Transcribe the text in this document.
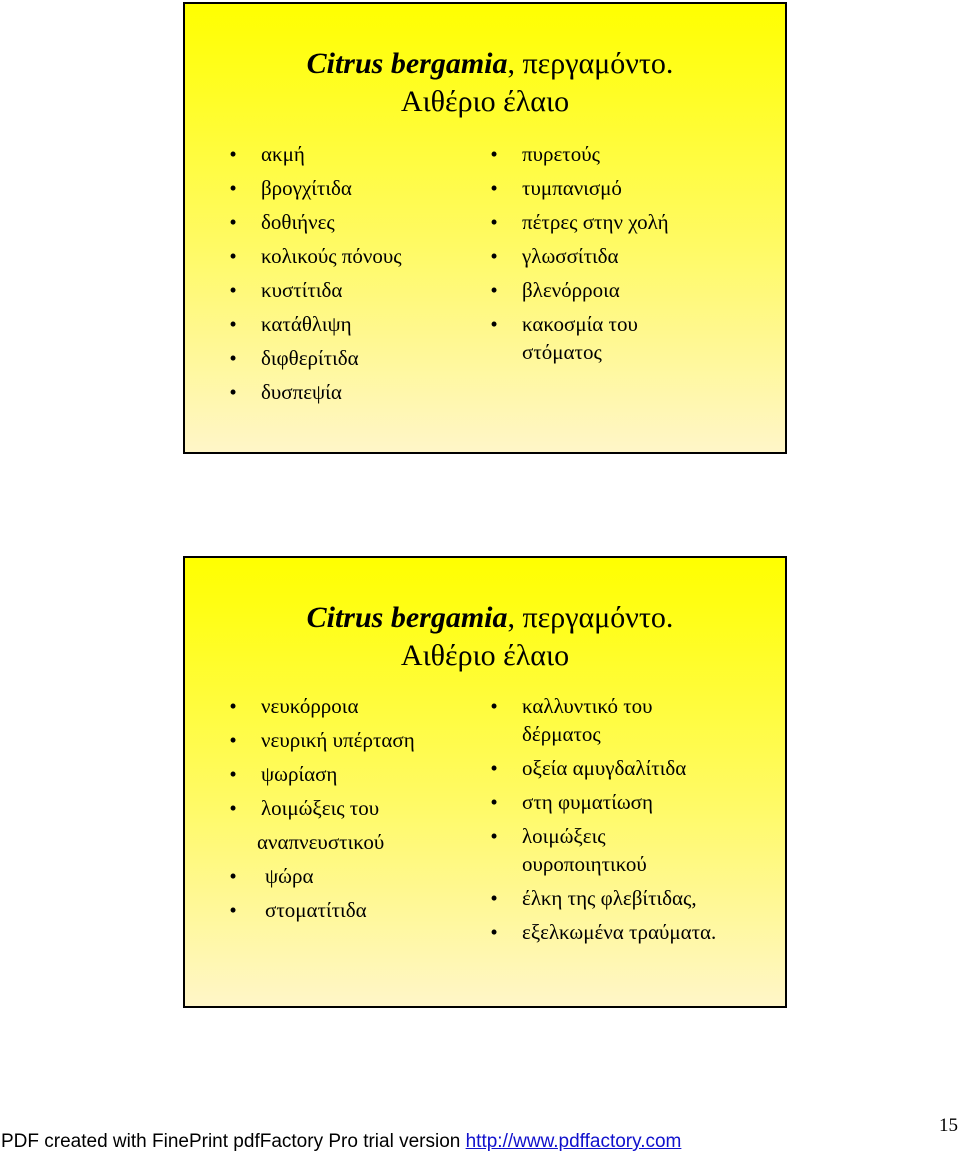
Citrus bergamia, περγαμόντο.
Αιθέριο έλαιο
• ακμή
• βρογχίτιδα
• δοθιήνες
• κολικούς πόνους
• κυστίτιδα
• κατάθλιψη
• διφθερίτιδα
• δυσπεψία
• πυρετούς
• τυμπανισμό
• πέτρες στην χολή
• γλωσσίτιδα
• βλενόρροια
• κακοσμία του
στόματος
Citrus bergamia, περγαμόντο.
Αιθέριο έλαιο
• νευκόρροια
• νευρική υπέρταση
• ψωρίαση
• λοιμώξεις του
αναπνευστικού
• ψώρα
• στοματίτιδα
• καλλυντικό του
δέρματος
• οξεία αμυγδαλίτιδα
• στη φυματίωση
• λοιμώξεις
ουροποιητικού
• έλκη της φλεβίτιδας,
• εξελκωμένα τραύματα.
15
PDF created with FinePrint pdfFactory Pro trial version http://www.pdffactory.com
